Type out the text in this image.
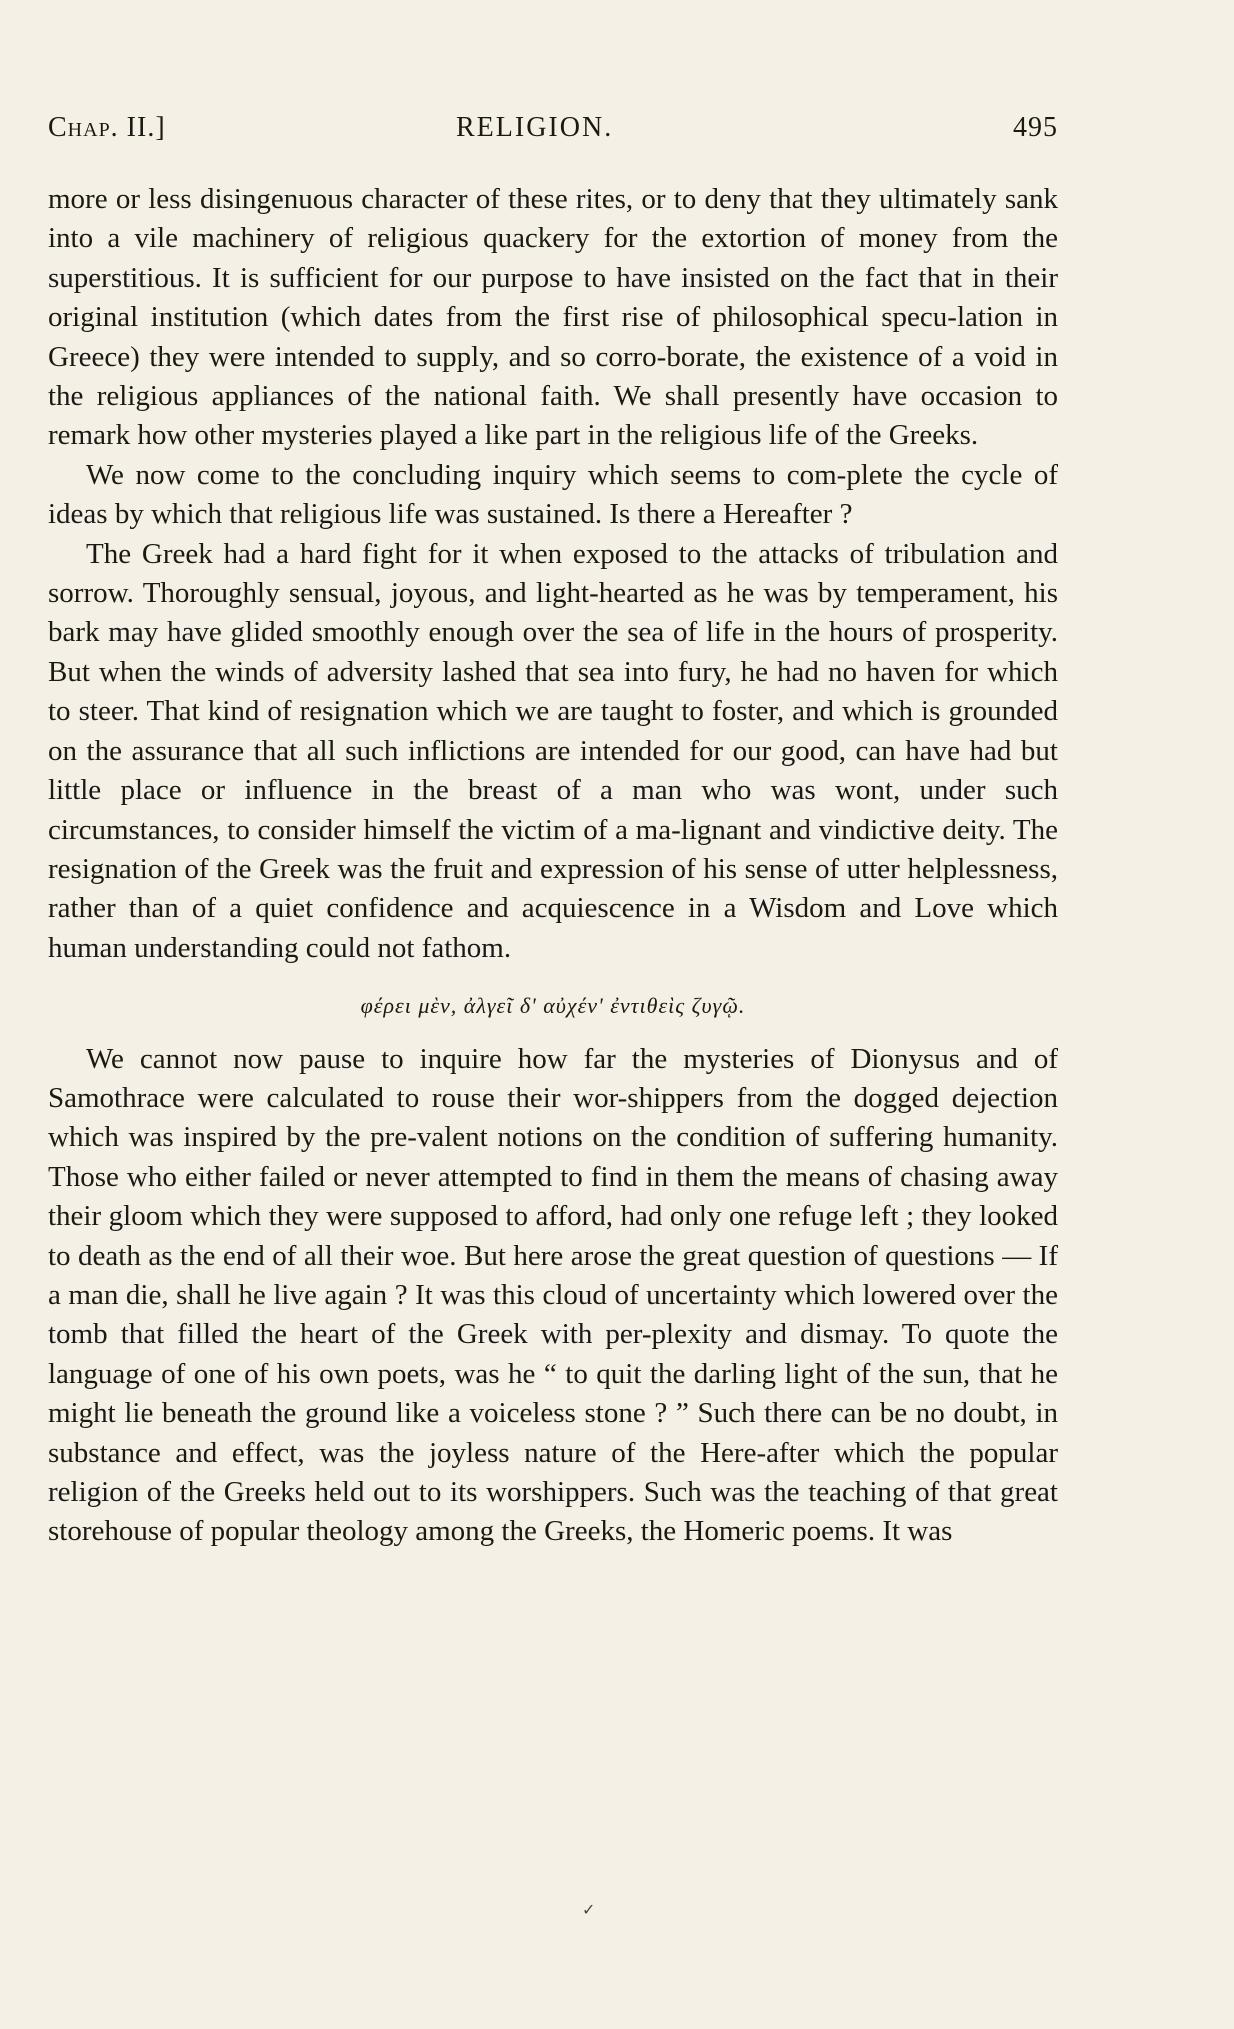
Chap. II.]	RELIGION.	495

more or less disingenuous character of these rites, or to deny that they ultimately sank into a vile machinery of religious quackery for the extortion of money from the superstitious. It is sufficient for our purpose to have insisted on the fact that in their original institution (which dates from the first rise of philosophical specu-lation in Greece) they were intended to supply, and so corro-borate, the existence of a void in the religious appliances of the national faith. We shall presently have occasion to remark how other mysteries played a like part in the religious life of the Greeks.

We now come to the concluding inquiry which seems to com-plete the cycle of ideas by which that religious life was sustained. Is there a Hereafter ?

The Greek had a hard fight for it when exposed to the attacks of tribulation and sorrow. Thoroughly sensual, joyous, and light-hearted as he was by temperament, his bark may have glided smoothly enough over the sea of life in the hours of prosperity. But when the winds of adversity lashed that sea into fury, he had no haven for which to steer. That kind of resignation which we are taught to foster, and which is grounded on the assurance that all such inflictions are intended for our good, can have had but little place or influence in the breast of a man who was wont, under such circumstances, to consider himself the victim of a ma-lignant and vindictive deity. The resignation of the Greek was the fruit and expression of his sense of utter helplessness, rather than of a quiet confidence and acquiescence in a Wisdom and Love which human understanding could not fathom.

φέρει μὲν, ἀλγεῖ δ' αὐχέν' ἐντιθεὶς ζυγῷ.

We cannot now pause to inquire how far the mysteries of Dionysus and of Samothrace were calculated to rouse their wor-shippers from the dogged dejection which was inspired by the pre-valent notions on the condition of suffering humanity. Those who either failed or never attempted to find in them the means of chasing away their gloom which they were supposed to afford, had only one refuge left ; they looked to death as the end of all their woe. But here arose the great question of questions — If a man die, shall he live again ? It was this cloud of uncertainty which lowered over the tomb that filled the heart of the Greek with per-plexity and dismay. To quote the language of one of his own poets, was he “ to quit the darling light of the sun, that he might lie beneath the ground like a voiceless stone ? ” Such there can be no doubt, in substance and effect, was the joyless nature of the Here-after which the popular religion of the Greeks held out to its worshippers. Such was the teaching of that great storehouse of popular theology among the Greeks, the Homeric poems. It was

✓
